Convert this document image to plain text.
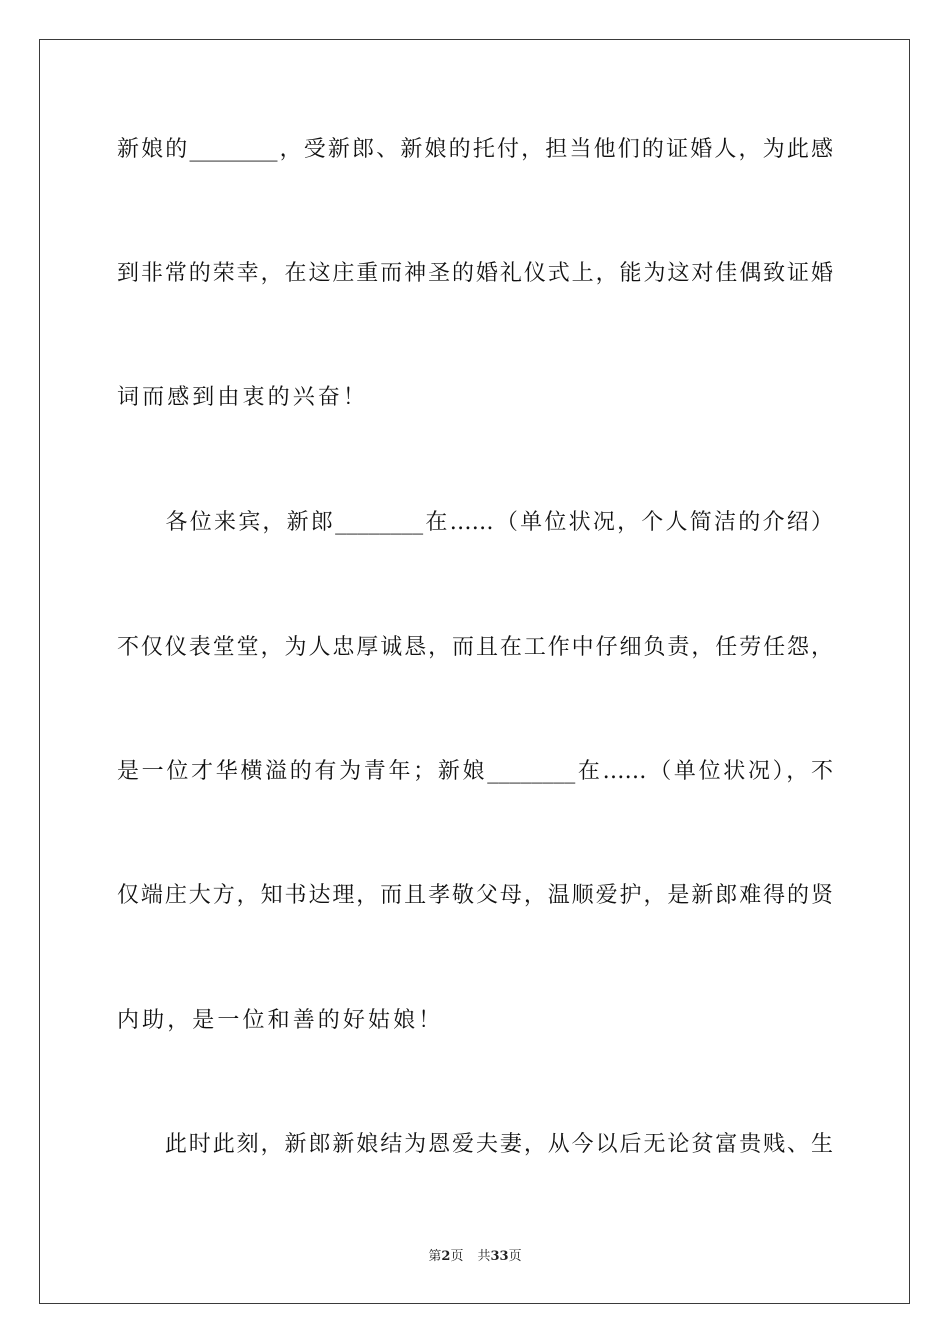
新娘的________，受新郎、新娘的托付，担当他们的证婚人，为此感
到非常的荣幸，在这庄重而神圣的婚礼仪式上，能为这对佳偶致证婚
词而感到由衷的兴奋！
　　各位来宾，新郎________在……（单位状况，个人简洁的介绍）
不仅仪表堂堂，为人忠厚诚恳，而且在工作中仔细负责，任劳任怨，
是一位才华横溢的有为青年；新娘________在……（单位状况），不
仅端庄大方，知书达理，而且孝敬父母，温顺爱护，是新郎难得的贤
内助，是一位和善的好姑娘！
　　此时此刻，新郎新娘结为恩爱夫妻，从今以后无论贫富贵贱、生
第2页 共33页
